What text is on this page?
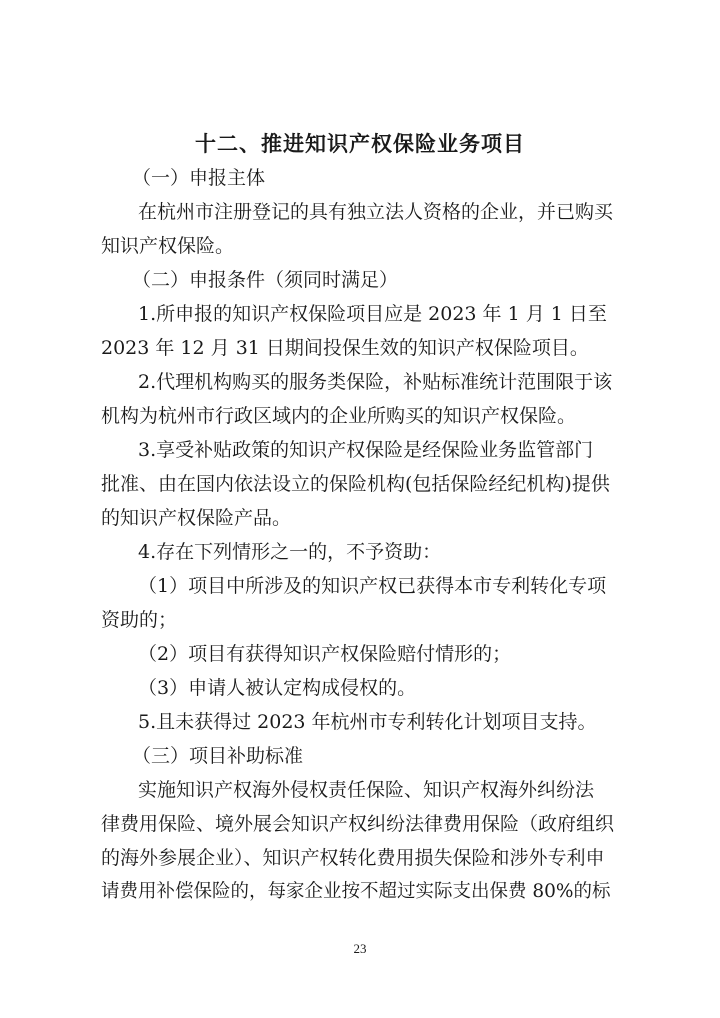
十二、推进知识产权保险业务项目

（一）申报主体

在杭州市注册登记的具有独立法人资格的企业，并已购买

知识产权保险。

（二）申报条件（须同时满足）

1.所申报的知识产权保险项目应是 2023 年 1 月 1 日至

2023 年 12 月 31 日期间投保生效的知识产权保险项目。

2.代理机构购买的服务类保险，补贴标准统计范围限于该

机构为杭州市行政区域内的企业所购买的知识产权保险。

3.享受补贴政策的知识产权保险是经保险业务监管部门

批准、由在国内依法设立的保险机构(包括保险经纪机构)提供

的知识产权保险产品。

4.存在下列情形之一的，不予资助：

（1）项目中所涉及的知识产权已获得本市专利转化专项

资助的；

（2）项目有获得知识产权保险赔付情形的；

（3）申请人被认定构成侵权的。

5.且未获得过 2023 年杭州市专利转化计划项目支持。

（三）项目补助标准

实施知识产权海外侵权责任保险、知识产权海外纠纷法

律费用保险、境外展会知识产权纠纷法律费用保险（政府组织

的海外参展企业）、知识产权转化费用损失保险和涉外专利申

请费用补偿保险的，每家企业按不超过实际支出保费 80%的标

23
